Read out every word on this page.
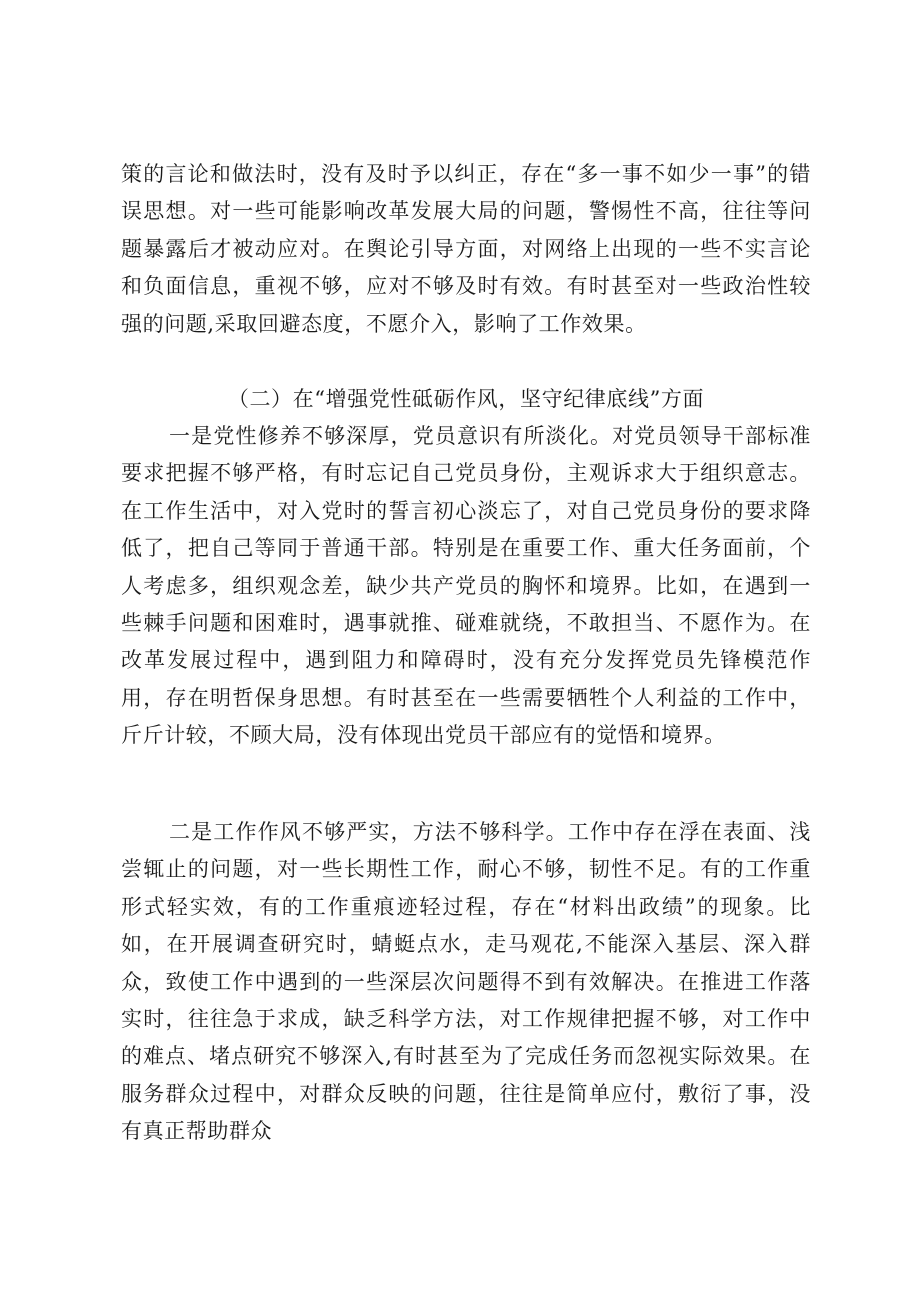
策的言论和做法时，没有及时予以纠正，存在“多一事不如少一事”的错误思想。对一些可能影响改革发展大局的问题，警惕性不高，往往等问题暴露后才被动应对。在舆论引导方面，对网络上出现的一些不实言论和负面信息，重视不够，应对不够及时有效。有时甚至对一些政治性较强的问题,采取回避态度，不愿介入，影响了工作效果。

（二）在“增强党性砥砺作风，坚守纪律底线”方面

一是党性修养不够深厚，党员意识有所淡化。对党员领导干部标准要求把握不够严格，有时忘记自己党员身份，主观诉求大于组织意志。在工作生活中，对入党时的誓言初心淡忘了，对自己党员身份的要求降低了，把自己等同于普通干部。特别是在重要工作、重大任务面前，个人考虑多，组织观念差，缺少共产党员的胸怀和境界。比如，在遇到一些棘手问题和困难时，遇事就推、碰难就绕，不敢担当、不愿作为。在改革发展过程中，遇到阻力和障碍时，没有充分发挥党员先锋模范作用，存在明哲保身思想。有时甚至在一些需要牺牲个人利益的工作中，斤斤计较，不顾大局，没有体现出党员干部应有的觉悟和境界。

二是工作作风不够严实，方法不够科学。工作中存在浮在表面、浅尝辄止的问题，对一些长期性工作，耐心不够，韧性不足。有的工作重形式轻实效，有的工作重痕迹轻过程，存在“材料出政绩”的现象。比如，在开展调查研究时，蜻蜓点水，走马观花,不能深入基层、深入群众，致使工作中遇到的一些深层次问题得不到有效解决。在推进工作落实时，往往急于求成，缺乏科学方法，对工作规律把握不够，对工作中的难点、堵点研究不够深入,有时甚至为了完成任务而忽视实际效果。在服务群众过程中，对群众反映的问题，往往是简单应付，敷衍了事，没有真正帮助群众
